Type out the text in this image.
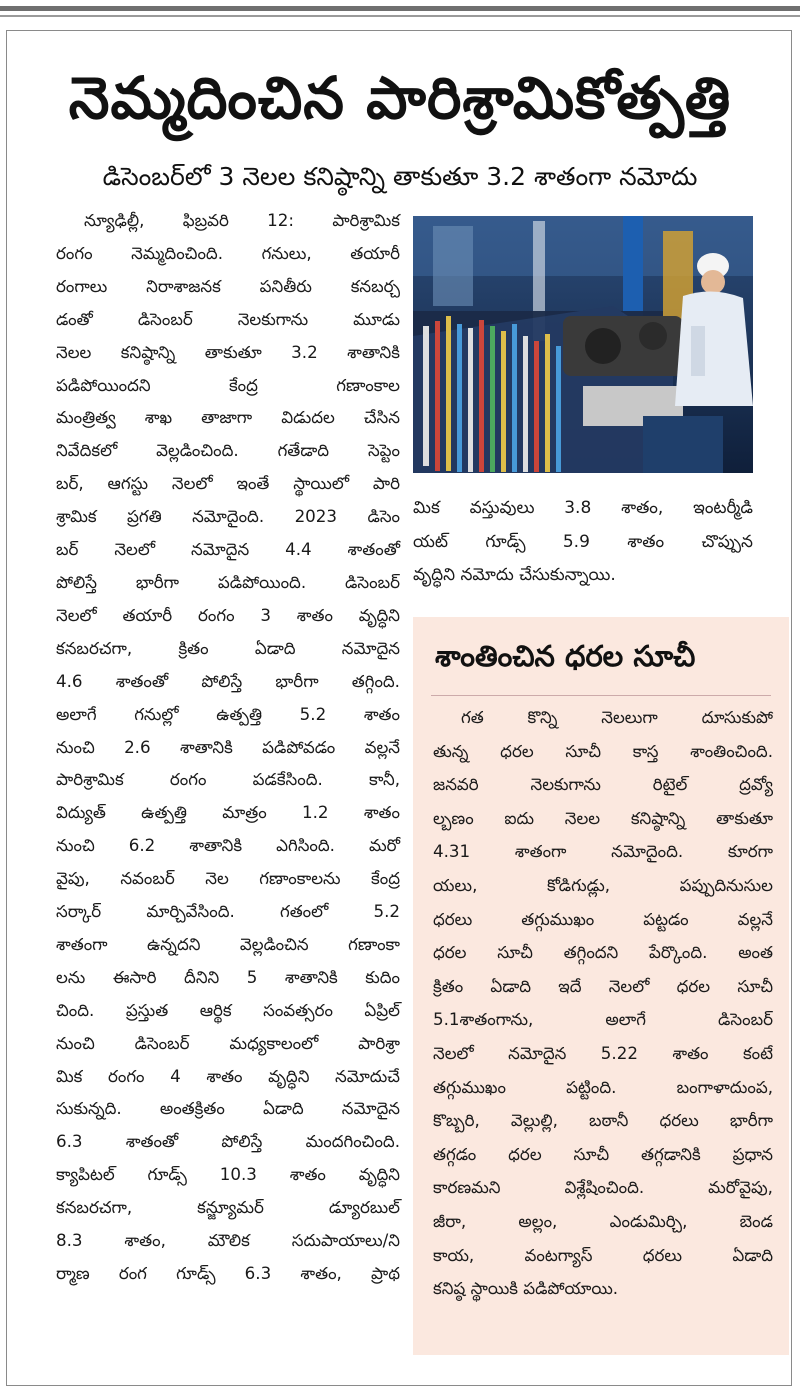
నెమ్మదించిన పారిశ్రామికోత్పత్తి
డిసెంబర్‌లో 3 నెలల కనిష్ఠాన్ని తాకుతూ 3.2 శాతంగా నమోదు

న్యూఢిల్లీ, ఫిబ్రవరి 12: పారిశ్రామిక

రంగం నెమ్మదించింది. గనులు, తయారీ

రంగాలు నిరాశాజనక పనితీరు కనబర్చ

డంతో డిసెంబర్ నెలకుగాను మూడు

నెలల కనిష్ఠాన్ని తాకుతూ 3.2 శాతానికి

పడిపోయిందని కేంద్ర గణాంకాల

మంత్రిత్వ శాఖ తాజాగా విడుదల చేసిన

నివేదికలో వెల్లడించింది. గతేడాది సెప్టెం

బర్, ఆగస్టు నెలలో ఇంతే స్థాయిలో పారి

శ్రామిక ప్రగతి నమోదైంది. 2023 డిసెం

బర్ నెలలో నమోదైన 4.4 శాతంతో

పోలిస్తే భారీగా పడిపోయింది. డిసెంబర్

నెలలో తయారీ రంగం 3 శాతం వృద్ధిని

కనబరచగా, క్రితం ఏడాది నమోదైన

4.6 శాతంతో పోలిస్తే భారీగా తగ్గింది.

అలాగే గనుల్లో ఉత్పత్తి 5.2 శాతం

నుంచి 2.6 శాతానికి పడిపోవడం వల్లనే

పారిశ్రామిక రంగం పడకేసింది. కానీ,

విద్యుత్ ఉత్పత్తి మాత్రం 1.2 శాతం

నుంచి 6.2 శాతానికి ఎగిసింది. మరో

వైపు, నవంబర్ నెల గణాంకాలను కేంద్ర

సర్కార్ మార్చివేసింది. గతంలో 5.2

శాతంగా ఉన్నదని వెల్లడించిన గణాంకా

లను ఈసారి దీనిని 5 శాతానికి కుదిం

చింది. ప్రస్తుత ఆర్థిక సంవత్సరం ఏప్రిల్

నుంచి డిసెంబర్ మధ్యకాలంలో పారిశ్రా

మిక రంగం 4 శాతం వృద్ధిని నమోదుచే

సుకున్నది. అంతక్రితం ఏడాది నమోదైన

6.3 శాతంతో పోలిస్తే మందగించింది.

క్యాపిటల్ గూడ్స్ 10.3 శాతం వృద్ధిని

కనబరచగా, కన్జ్యూమర్ డ్యూరబుల్

8.3 శాతం, మౌలిక సదుపాయాలు/ని

ర్మాణ రంగ గూడ్స్ 6.3 శాతం, ప్రాథ

మిక వస్తువులు 3.8 శాతం, ఇంటర్మీడి

యట్ గూడ్స్ 5.9 శాతం చొప్పున

వృద్ధిని నమోదు చేసుకున్నాయి.

శాంతించిన ధరల సూచీ

గత కొన్ని నెలలుగా దూసుకుపో

తున్న ధరల సూచీ కాస్త శాంతించింది.

జనవరి నెలకుగాను రిటైల్ ద్రవ్యో

ల్బణం ఐదు నెలల కనిష్ఠాన్ని తాకుతూ

4.31 శాతంగా నమోదైంది. కూరగా

యలు, కోడిగుడ్లు, పప్పుదినుసుల

ధరలు తగ్గుముఖం పట్టడం వల్లనే

ధరల సూచీ తగ్గిందని పేర్కొంది. అంత

క్రితం ఏడాది ఇదే నెలలో ధరల సూచీ

5.1శాతంగాను, అలాగే డిసెంబర్

నెలలో నమోదైన 5.22 శాతం కంటే

తగ్గుముఖం పట్టింది. బంగాళాదుంప,

కొబ్బరి, వెల్లుల్లి, బఠానీ ధరలు భారీగా

తగ్గడం ధరల సూచీ తగ్గడానికి ప్రధాన

కారణమని విశ్లేషించింది. మరోవైపు,

జీరా, అల్లం, ఎండుమిర్చి, బెండ

కాయ, వంటగ్యాస్ ధరలు ఏడాది

కనిష్ఠ స్థాయికి పడిపోయాయి.
